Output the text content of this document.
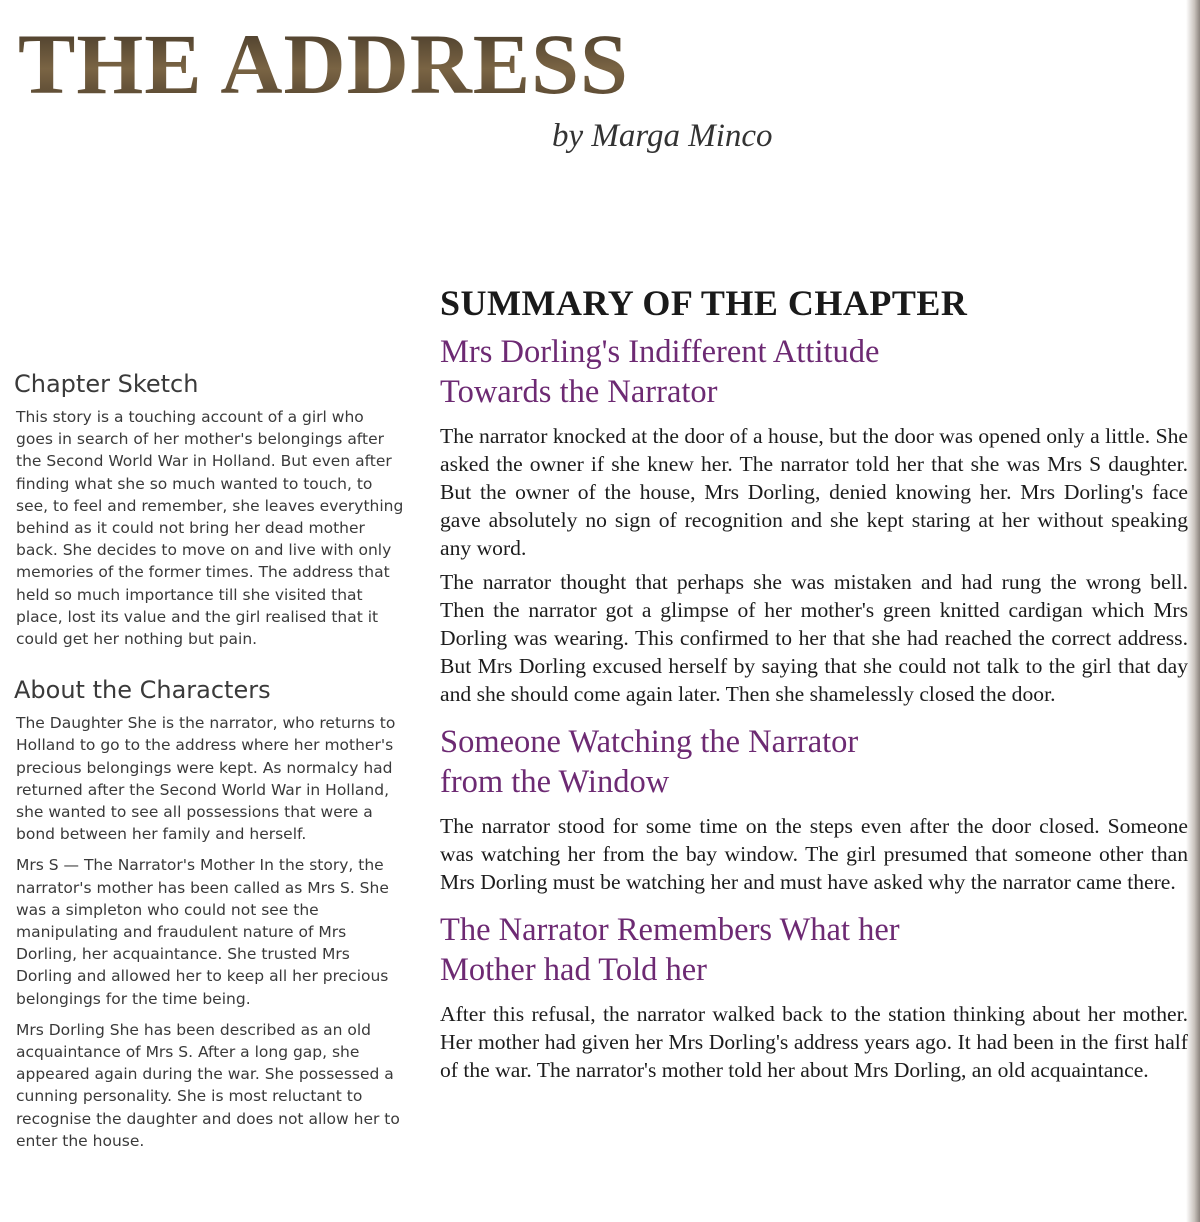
THE ADDRESS
by Marga Minco
Chapter Sketch

This story is a touching account of a girl who goes in search of her mother's belongings after the Second World War in Holland. But even after finding what she so much wanted to touch, to see, to feel and remember, she leaves everything behind as it could not bring her dead mother back. She decides to move on and live with only memories of the former times. The address that held so much importance till she visited that place, lost its value and the girl realised that it could get her nothing but pain.

About the Characters

The Daughter She is the narrator, who returns to Holland to go to the address where her mother's precious belongings were kept. As normalcy had returned after the Second World War in Holland, she wanted to see all possessions that were a bond between her family and herself.

Mrs S — The Narrator's Mother In the story, the narrator's mother has been called as Mrs S. She was a simpleton who could not see the manipulating and fraudulent nature of Mrs Dorling, her acquaintance. She trusted Mrs Dorling and allowed her to keep all her precious belongings for the time being.

Mrs Dorling She has been described as an old acquaintance of Mrs S. After a long gap, she appeared again during the war. She possessed a cunning personality. She is most reluctant to recognise the daughter and does not allow her to enter the house.

SUMMARY OF THE CHAPTER
Mrs Dorling's Indifferent Attitude
Towards the Narrator

The narrator knocked at the door of a house, but the door was opened only a little. She asked the owner if she knew her. The narrator told her that she was Mrs S daughter. But the owner of the house, Mrs Dorling, denied knowing her. Mrs Dorling's face gave absolutely no sign of recognition and she kept staring at her without speaking any word.

The narrator thought that perhaps she was mistaken and had rung the wrong bell. Then the narrator got a glimpse of her mother's green knitted cardigan which Mrs Dorling was wearing. This confirmed to her that she had reached the correct address. But Mrs Dorling excused herself by saying that she could not talk to the girl that day and she should come again later. Then she shamelessly closed the door.

Someone Watching the Narrator
from the Window

The narrator stood for some time on the steps even after the door closed. Someone was watching her from the bay window. The girl presumed that someone other than Mrs Dorling must be watching her and must have asked why the narrator came there.

The Narrator Remembers What her
Mother had Told her

After this refusal, the narrator walked back to the station thinking about her mother. Her mother had given her Mrs Dorling's address years ago. It had been in the first half of the war. The narrator's mother told her about Mrs Dorling, an old acquaintance.
